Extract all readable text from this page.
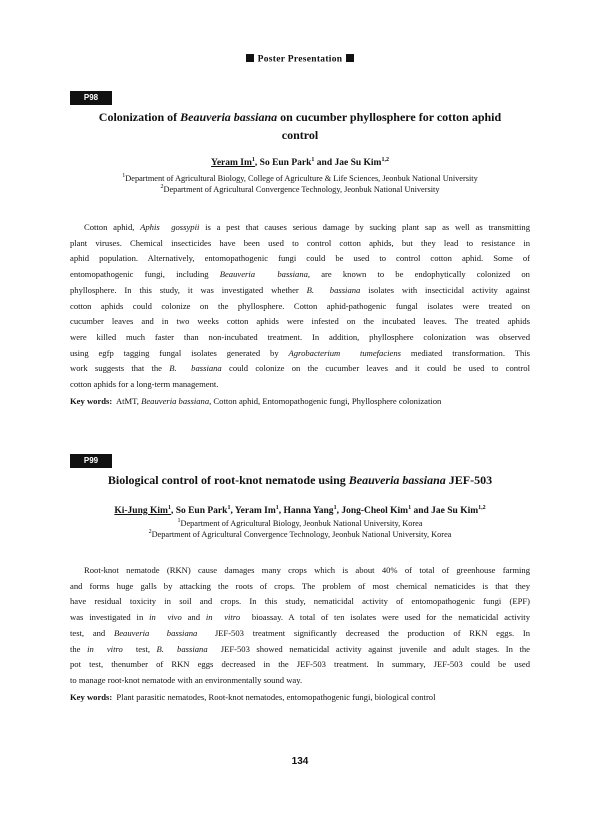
Poster Presentation
P98
Colonization of Beauveria bassiana on cucumber phyllosphere for cotton aphid
control
Yeram Im$^1$, So Eun Park$^1$ and Jae Su Kim$^{1,2}$
$^1$Department of Agricultural Biology, College of Agriculture & Life Sciences, Jeonbuk National University
$^2$Department of Agricultural Convergence Technology, Jeonbuk National University
Cotton aphid, Aphis  gossypii is a pest that causes serious damage by sucking plant sap as well as transmitting
plant viruses. Chemical insecticides have been used to control cotton aphids, but they lead to resistance in
aphid population. Alternatively, entomopathogenic fungi could be used to control cotton aphid. Some of
entomopathogenic fungi, including Beauveria  bassiana, are known to be endophytically colonized on
phyllosphere. In this study, it was investigated whether B.  bassiana isolates with insecticidal activity against
cotton aphids could colonize on the phyllosphere. Cotton aphid-pathogenic fungal isolates were treated on
cucumber leaves and in two weeks cotton aphids were infested on the incubated leaves. The treated aphids
were killed much faster than non-incubated treatment. In addition, phyllosphere colonization was observed
using egfp tagging fungal isolates generated by Agrobacterium  tumefaciens mediated transformation. This
work suggests that the B.  bassiana could colonize on the cucumber leaves and it could be used to control
cotton aphids for a long-term management.
Key words: AtMT, Beauveria bassiana, Cotton aphid, Entomopathogenic fungi, Phyllosphere colonization
P99
Biological control of root-knot nematode using Beauveria bassiana JEF-503
Ki-Jung Kim$^1$, So Eun Park$^1$, Yeram Im$^1$, Hanna Yang$^1$, Jong-Cheol Kim$^1$ and Jae Su Kim$^{1,2}$
$^1$Department of Agricultural Biology, Jeonbuk National University, Korea
$^2$Department of Agricultural Convergence Technology, Jeonbuk National University, Korea
Root-knot nematode (RKN) cause damages many crops which is about 40% of total of greenhouse farming
and forms huge galls by attacking the roots of crops. The problem of most chemical nematicides is that they
have residual toxicity in soil and crops. In this study, nematicidal activity of entomopathogenic fungi (EPF)
was investigated in in  vivo and in  vitro  bioassay. A total of ten isolates were used for the nematicidal activity
test, and Beauveria  bassiana  JEF-503 treatment significantly decreased the production of RKN eggs. In
the in  vitro  test, B.  bassiana  JEF-503 showed nematicidal activity against juvenile and adult stages. In the
pot test, thenumber of RKN eggs decreased in the JEF-503 treatment. In summary, JEF-503 could be used
to manage root-knot nematode with an environmentally sound way.
Key words: Plant parasitic nematodes, Root-knot nematodes, entomopathogenic fungi, biological control
134
